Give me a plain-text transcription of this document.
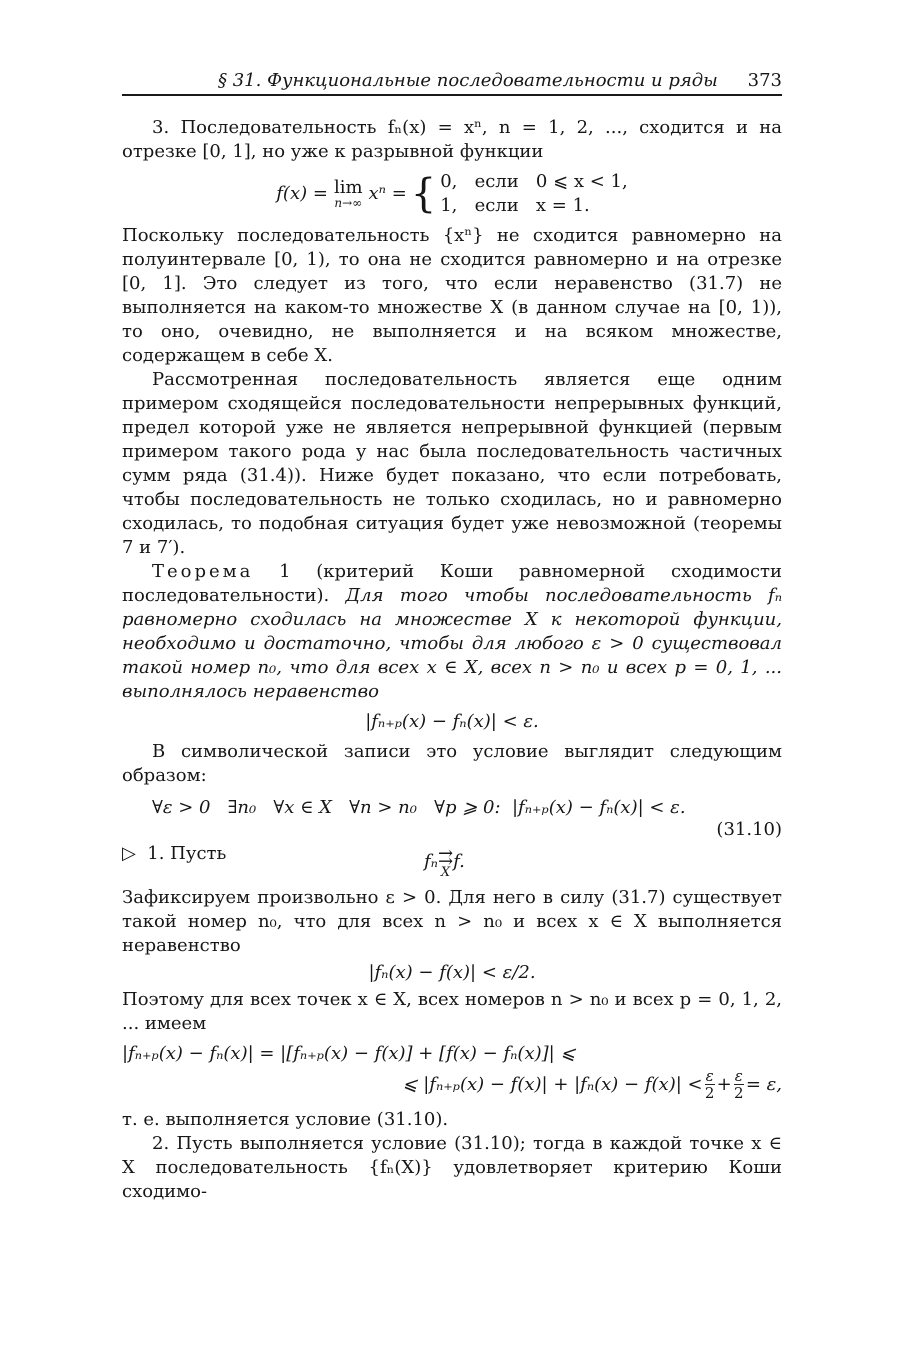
§ 31. Функциональные последовательности и ряды 373

3. Последовательность fₙ(x) = xⁿ, n = 1, 2, ..., сходится и на отрезке [0, 1], но уже к разрывной функции

f(x) = lim
n→∞ xⁿ = { 0,   если   0 ⩽ x < 1,
1,   если   x = 1.

Поскольку последовательность {xⁿ} не сходится равномерно на полуинтервале [0, 1), то она не сходится равномерно и на отрезке [0, 1]. Это следует из того, что если неравенство (31.7) не выполняется на каком-то множестве X (в данном случае на [0, 1)), то оно, очевидно, не выполняется и на всяком множестве, содержащем в себе X.

Рассмотренная последовательность является еще одним примером сходящейся последовательности непрерывных функций, предел которой уже не является непрерывной функцией (первым примером такого рода у нас была последовательность частичных сумм ряда (31.4)). Ниже будет показано, что если потребовать, чтобы последовательность не только сходилась, но и равномерно сходилась, то подобная ситуация будет уже невозможной (теоремы 7 и 7′).

Теорема 1 (критерий Коши равномерной сходимости последовательности). Для того чтобы последовательность fₙ равномерно сходилась на множестве X к некоторой функции, необходимо и достаточно, чтобы для любого ε > 0 существовал такой номер n₀, что для всех x ∈ X, всех n > n₀ и всех p = 0, 1, ... выполнялось неравенство

|fₙ₊ₚ(x) − fₙ(x)| < ε.

В символической записи это условие выглядит следующим образом:

∀ε > 0   ∃n₀   ∀x ∈ X   ∀n > n₀   ∀p ⩾ 0:  |fₙ₊ₚ(x) − fₙ(x)| < ε.
(31.10)
▷  1. Пусть	fₙ ⇉
X
f.

Зафиксируем произвольно ε > 0. Для него в силу (31.7) существует такой номер n₀, что для всех n > n₀ и всех x ∈ X выполняется неравенство

|fₙ(x) − f(x)| < ε/2.

Поэтому для всех точек x ∈ X, всех номеров n > n₀ и всех p = 0, 1, 2, ... имеем

|fₙ₊ₚ(x) − fₙ(x)| = |[fₙ₊ₚ(x) − f(x)] + [f(x) − fₙ(x)]| ⩽
⩽ $|f_{n+p}(x) - f(x)| + |f_n(x) - f(x)| < \frac{\varepsilon}{2} + \frac{\varepsilon}{2} = \varepsilon$,

т. е. выполняется условие (31.10).

2. Пусть выполняется условие (31.10); тогда в каждой точке x ∈ X последовательность {fₙ(X)} удовлетворяет критерию Коши сходимо-
